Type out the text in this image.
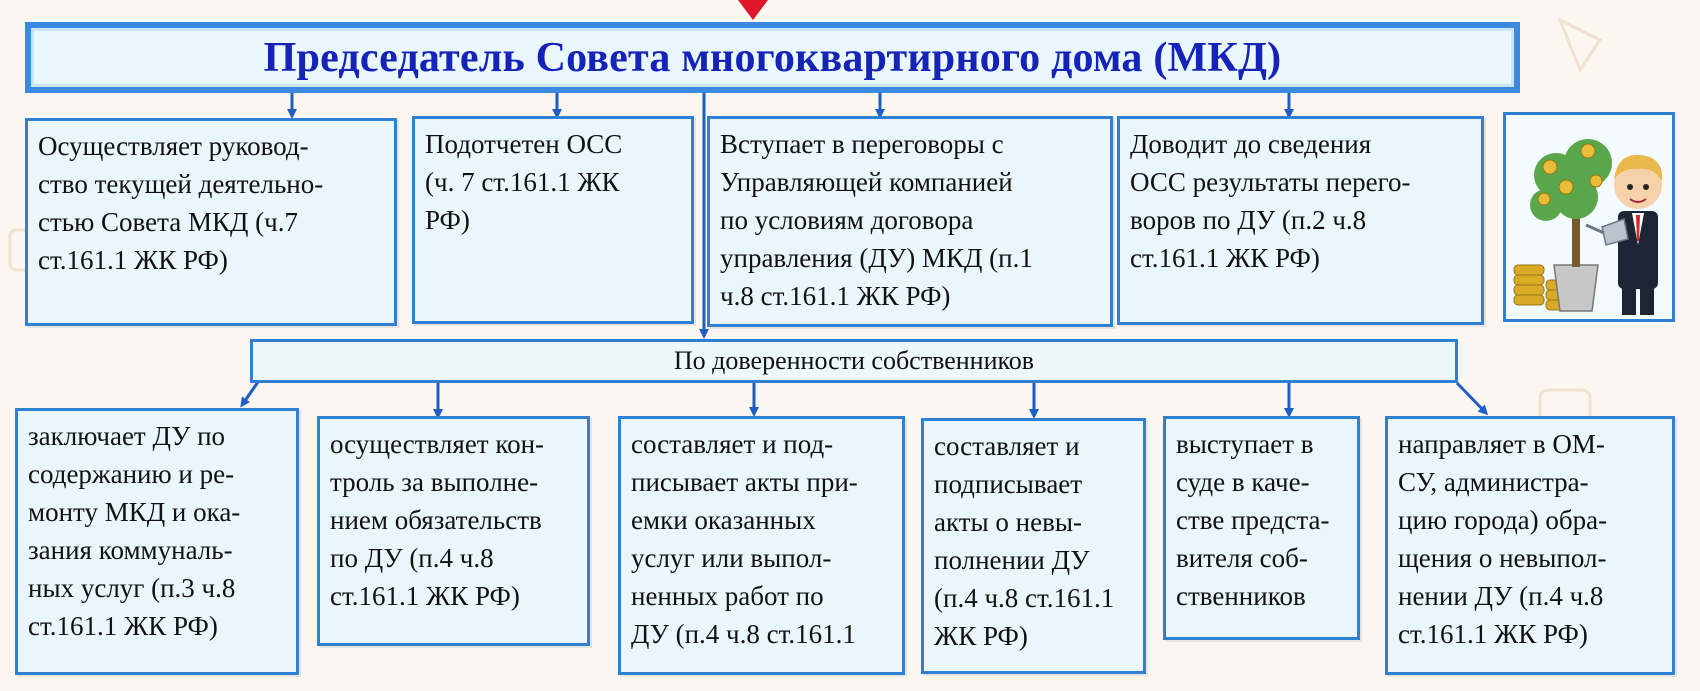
Председатель Совета многоквартирного дома (МКД)
Осуществляет руковод-
ство текущей деятельно-
стью Совета МКД (ч.7
ст.161.1 ЖК РФ)
Подотчетен ОСС
(ч. 7 ст.161.1 ЖК
РФ)
Вступает в переговоры с
Управляющей компанией
по условиям договора
управления (ДУ) МКД (п.1
ч.8 ст.161.1 ЖК РФ)
Доводит до сведения
ОСС результаты перего-
воров по ДУ (п.2 ч.8
ст.161.1 ЖК РФ)
По доверенности собственников
заключает ДУ по
содержанию и ре-
монту МКД и ока-
зания коммуналь-
ных услуг (п.3 ч.8
ст.161.1 ЖК РФ)
осуществляет кон-
троль за выполне-
нием обязательств
по ДУ (п.4 ч.8
ст.161.1 ЖК РФ)
составляет и под-
писывает акты при-
емки оказанных
услуг или выпол-
ненных работ по
ДУ (п.4 ч.8 ст.161.1
составляет и
подписывает
акты о невы-
полнении ДУ
(п.4 ч.8 ст.161.1
ЖК РФ)
выступает в
суде в каче-
стве предста-
вителя соб-
ственников
направляет в ОМ-
СУ, администра-
цию города) обра-
щения о невыпол-
нении ДУ (п.4 ч.8
ст.161.1 ЖК РФ)
